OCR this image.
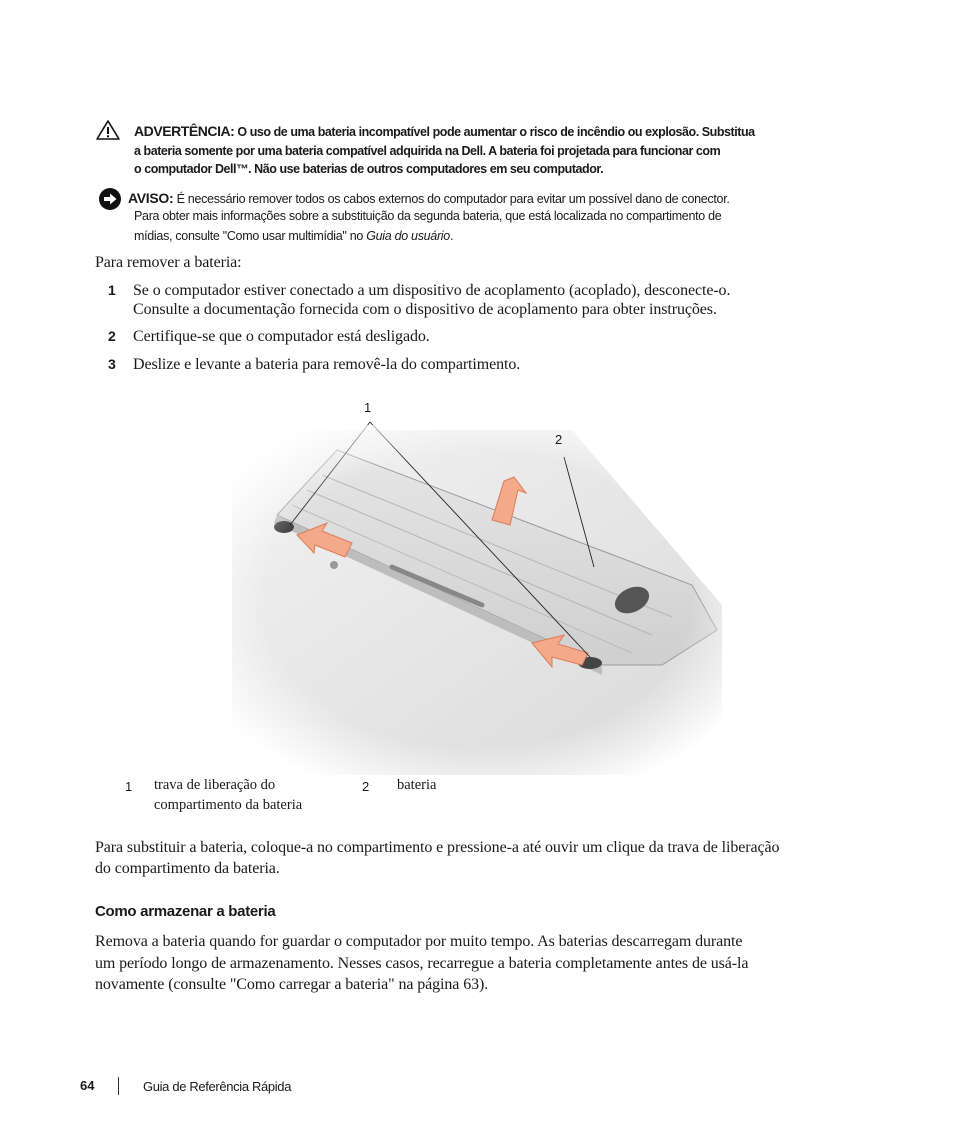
ADVERTÊNCIA: O uso de uma bateria incompatível pode aumentar o risco de incêndio ou explosão. Substitua
a bateria somente por uma bateria compatível adquirida na Dell. A bateria foi projetada para funcionar com
o computador Dell™. Não use baterias de outros computadores em seu computador.
AVISO: É necessário remover todos os cabos externos do computador para evitar um possível dano de conector.
Para obter mais informações sobre a substituição da segunda bateria, que está localizada no compartimento de
mídias, consulte "Como usar multimídia" no Guia do usuário.
Para remover a bateria:
1 Se o computador estiver conectado a um dispositivo de acoplamento (acoplado), desconecte-o.
Consulte a documentação fornecida com o dispositivo de acoplamento para obter instruções.
2 Certifique-se que o computador está desligado.
3 Deslize e levante a bateria para removê-la do compartimento.
1
2
1 trava de liberação do
compartimento da bateria
2 bateria
Para substituir a bateria, coloque-a no compartimento e pressione-a até ouvir um clique da trava de liberação
do compartimento da bateria.
Como armazenar a bateria
Remova a bateria quando for guardar o computador por muito tempo. As baterias descarregam durante
um período longo de armazenamento. Nesses casos, recarregue a bateria completamente antes de usá-la
novamente (consulte "Como carregar a bateria" na página 63).
64	Guia de Referência Rápida
